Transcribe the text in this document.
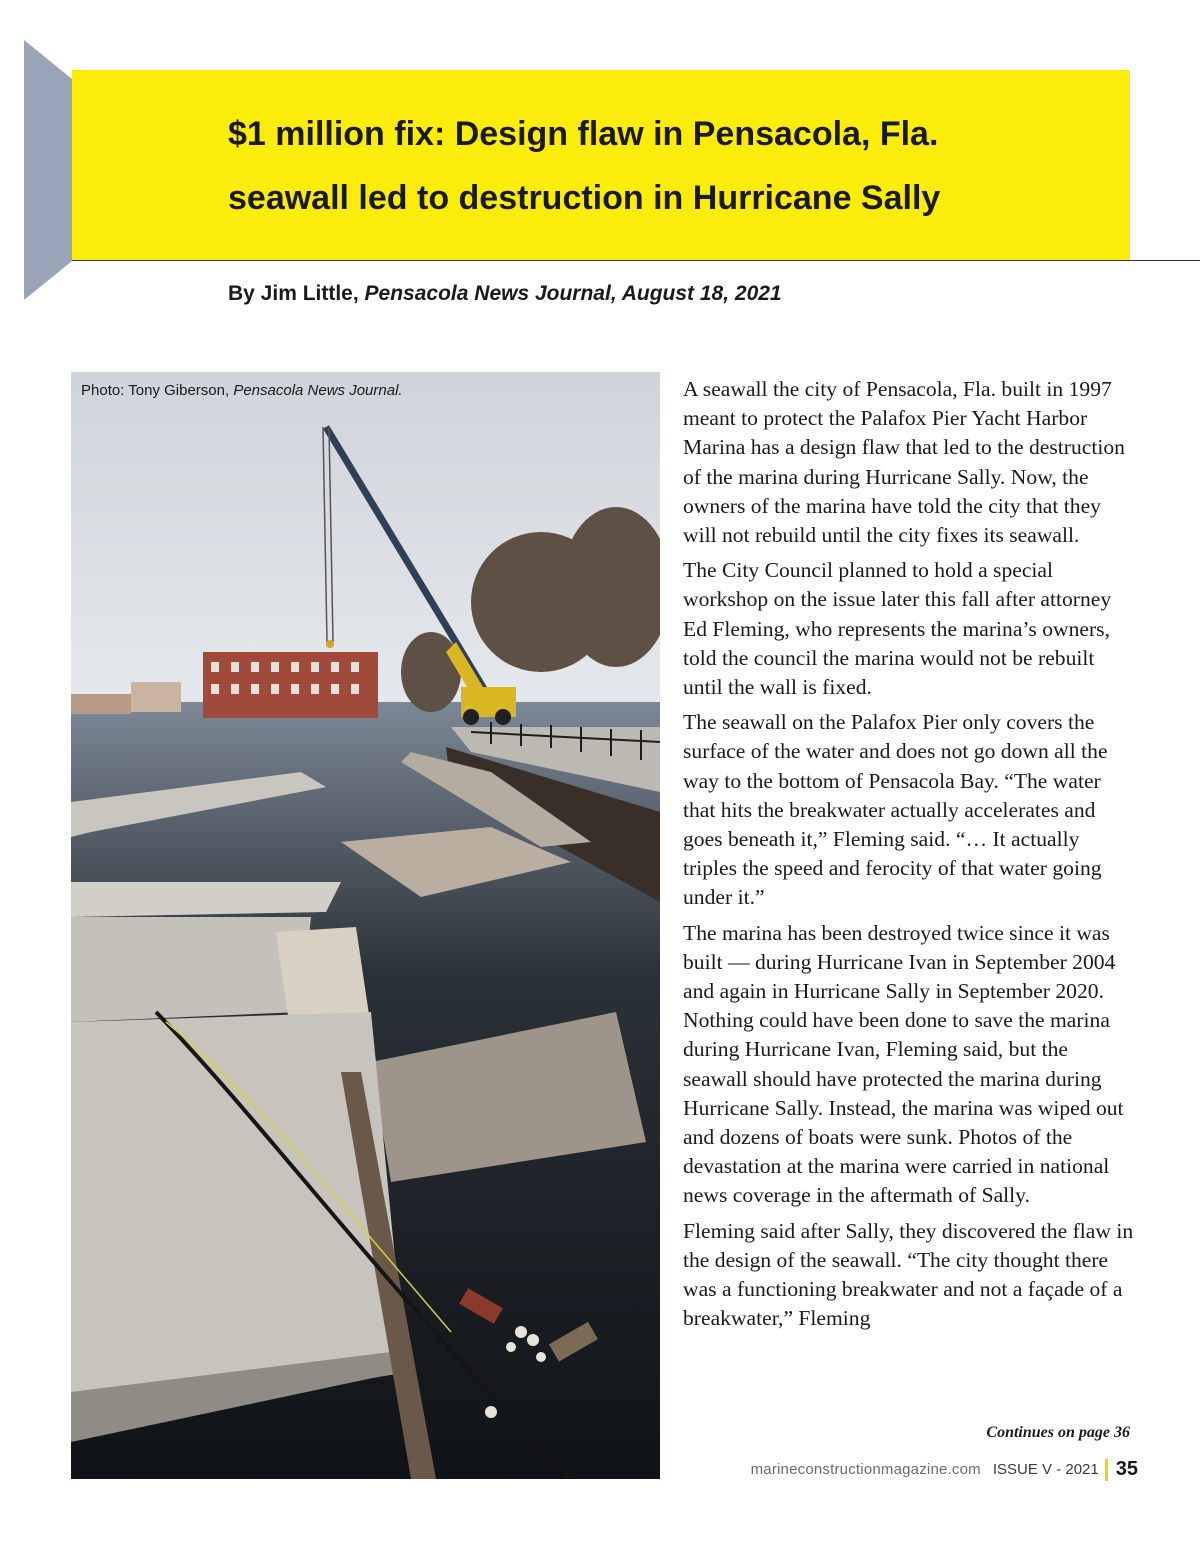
$1 million fix: Design flaw in Pensacola, Fla.
seawall led to destruction in Hurricane Sally
By Jim Little, Pensacola News Journal, August 18, 2021
Photo: Tony Giberson, Pensacola News Journal.	A seawall the city of Pensacola, Fla. built in 1997 meant to protect the Palafox Pier Yacht Harbor Marina has a design flaw that led to the destruction of the marina during Hurricane Sally. Now, the owners of the marina have told the city that they will not rebuild until the city fixes its seawall.

The City Council planned to hold a special workshop on the issue later this fall after attorney Ed Fleming, who represents the marina’s owners, told the council the marina would not be rebuilt until the wall is fixed.

The seawall on the Palafox Pier only covers the surface of the water and does not go down all the way to the bottom of Pensacola Bay. “The water that hits the breakwater actually accelerates and goes beneath it,” Fleming said. “… It actually triples the speed and ferocity of that water going under it.”

The marina has been destroyed twice since it was built — during Hurricane Ivan in September 2004 and again in Hurricane Sally in September 2020. Nothing could have been done to save the marina during Hurricane Ivan, Fleming said, but the seawall should have protected the marina during Hurricane Sally. Instead, the marina was wiped out and dozens of boats were sunk. Photos of the devastation at the marina were carried in national news coverage in the aftermath of Sally.

Fleming said after Sally, they discovered the flaw in the design of the seawall. “The city thought there was a functioning breakwater and not a façade of a breakwater,” Fleming

Continues on page 36
marineconstructionmagazine.com ISSUE V - 2021 35
